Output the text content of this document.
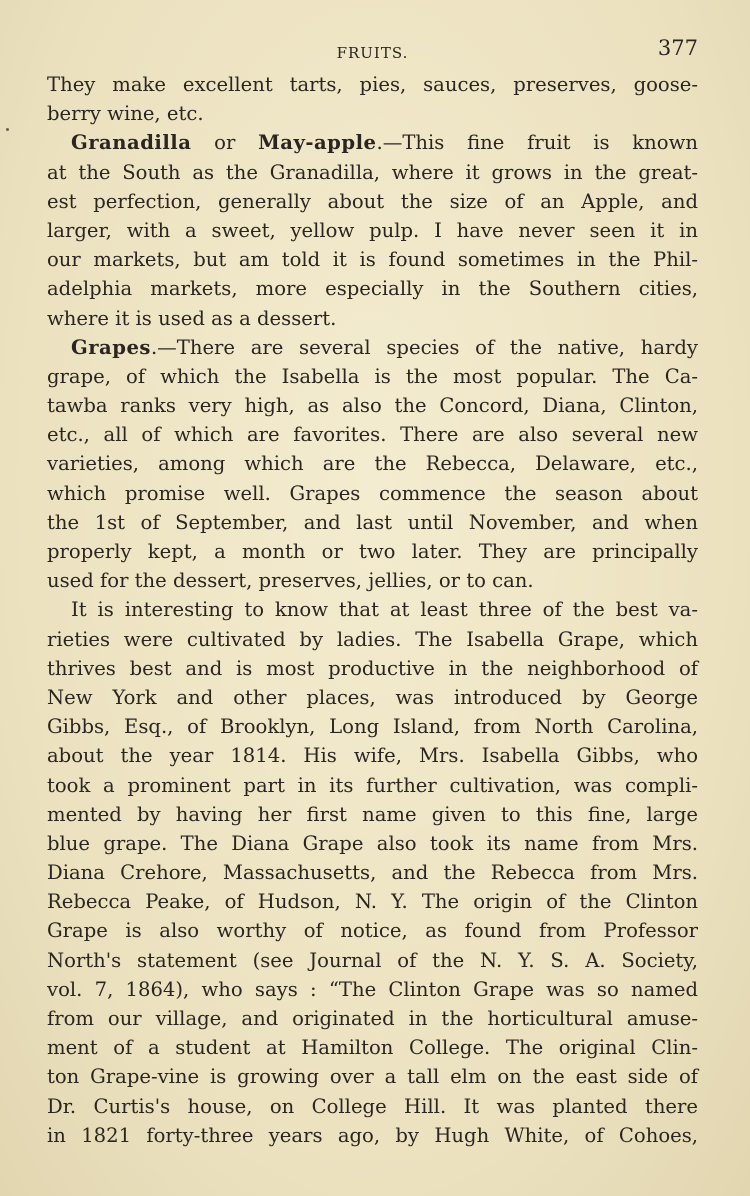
FRUITS.	377
They make excellent tarts, pies, sauces, preserves, goose-
berry wine, etc.
Granadilla or May-apple.—This fine fruit is known
at the South as the Granadilla, where it grows in the great-
est perfection, generally about the size of an Apple, and
larger, with a sweet, yellow pulp. I have never seen it in
our markets, but am told it is found sometimes in the Phil-
adelphia markets, more especially in the Southern cities,
where it is used as a dessert.
Grapes.—There are several species of the native, hardy
grape, of which the Isabella is the most popular. The Ca-
tawba ranks very high, as also the Concord, Diana, Clinton,
etc., all of which are favorites. There are also several new
varieties, among which are the Rebecca, Delaware, etc.,
which promise well. Grapes commence the season about
the 1st of September, and last until November, and when
properly kept, a month or two later. They are principally
used for the dessert, preserves, jellies, or to can.
It is interesting to know that at least three of the best va-
rieties were cultivated by ladies. The Isabella Grape, which
thrives best and is most productive in the neighborhood of
New York and other places, was introduced by George
Gibbs, Esq., of Brooklyn, Long Island, from North Carolina,
about the year 1814. His wife, Mrs. Isabella Gibbs, who
took a prominent part in its further cultivation, was compli-
mented by having her first name given to this fine, large
blue grape. The Diana Grape also took its name from Mrs.
Diana Crehore, Massachusetts, and the Rebecca from Mrs.
Rebecca Peake, of Hudson, N. Y. The origin of the Clinton
Grape is also worthy of notice, as found from Professor
North's statement (see Journal of the N. Y. S. A. Society,
vol. 7, 1864), who says : “The Clinton Grape was so named
from our village, and originated in the horticultural amuse-
ment of a student at Hamilton College. The original Clin-
ton Grape-vine is growing over a tall elm on the east side of
Dr. Curtis's house, on College Hill. It was planted there
in 1821 forty-three years ago, by Hugh White, of Cohoes,
